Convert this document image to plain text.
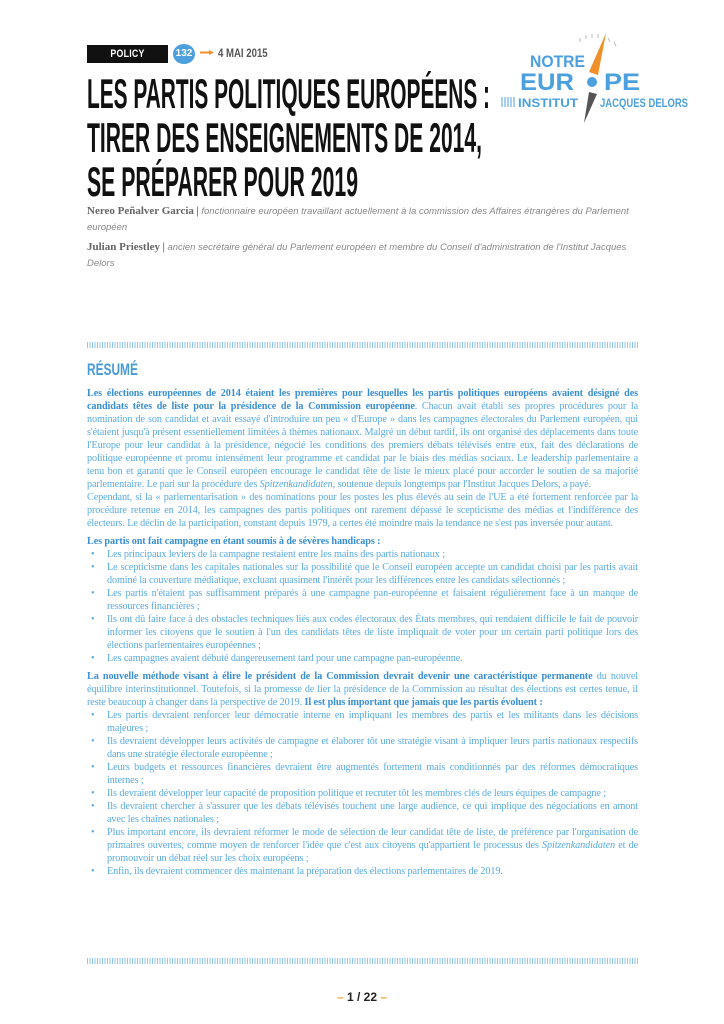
POLICY PAPER
132 4 MAI 2015
LES PARTIS POLITIQUES EUROPÉENS :
TIRER DES ENSEIGNEMENTS DE 2014,
SE PRÉPARER POUR 2019
NOTRE
EUR PE
INSTITUT JACQUES DELORS

Nereo Peñalver Garcia | fonctionnaire européen travaillant actuellement à la commission des Affaires étrangères du Parlement européen

Julian Priestley | ancien secrétaire général du Parlement européen et membre du Conseil d'administration de l'Institut Jacques Delors

RÉSUMÉ

Les élections européennes de 2014 étaient les premières pour lesquelles les partis politiques européens avaient désigné des candidats têtes de liste pour la présidence de la Commission européenne. Chacun avait établi ses propres procédures pour la nomination de son candidat et avait essayé d'introduire un peu « d'Europe » dans les campagnes électorales du Parlement européen, qui s'étaient jusqu'à présent essentiellement limitées à thèmes nationaux. Malgré un début tardif, ils ont organisé des déplacements dans toute l'Europe pour leur candidat à la présidence, négocié les conditions des premiers débats télévisés entre eux, fait des déclarations de politique européenne et promu intensément leur programme et candidat par le biais des médias sociaux. Le leadership parlementaire a tenu bon et garanti que le Conseil européen encourage le candidat tête de liste le mieux placé pour accorder le soutien de sa majorité parlementaire. Le pari sur la procédure des Spitzenkandidaten, soutenue depuis longtemps par l'Institut Jacques Delors, a payé.

Cependant, si la « parlementarisation » des nominations pour les postes les plus élevés au sein de l'UE a été fortement renforcée par la procédure retenue en 2014, les campagnes des partis politiques ont rarement dépassé le scepticisme des médias et l'indifférence des électeurs. Le déclin de la participation, constant depuis 1979, a certes été moindre mais la tendance ne s'est pas inversée pour autant.

Les partis ont fait campagne en étant soumis à de sévères handicaps :

• Les principaux leviers de la campagne restaient entre les mains des partis nationaux ;
• Le scepticisme dans les capitales nationales sur la possibilité que le Conseil européen accepte un candidat choisi par les partis avait dominé la couverture médiatique, excluant quasiment l'intérêt pour les différences entre les candidats sélectionnés ;
• Les partis n'étaient pas suffisamment préparés à une campagne pan-européenne et faisaient régulièrement face à un manque de ressources financières ;
• Ils ont dû faire face à des obstacles techniques liés aux codes électoraux des États membres, qui rendaient difficile le fait de pouvoir informer les citoyens que le soutien à l'un des candidats têtes de liste impliquait de voter pour un certain parti politique lors des élections parlementaires européennes ;
• Les campagnes avaient débuté dangereusement tard pour une campagne pan-européenne.

La nouvelle méthode visant à élire le président de la Commission devrait devenir une caractéristique permanente du nouvel équilibre interinstitutionnel. Toutefois, si la promesse de lier la présidence de la Commission au résultat des élections est certes tenue, il reste beaucoup à changer dans la perspective de 2019. Il est plus important que jamais que les partis évoluent :

• Les partis devraient renforcer leur démocratie interne en impliquant les membres des partis et les militants dans les décisions majeures ;
• Ils devraient développer leurs activités de campagne et élaborer tôt une stratégie visant à impliquer leurs partis nationaux respectifs dans une stratégie électorale européenne ;
• Leurs budgets et ressources financières devraient être augmentés fortement mais conditionnés par des réformes démocratiques internes ;
• Ils devraient développer leur capacité de proposition politique et recruter tôt les membres clés de leurs équipes de campagne ;
• Ils devraient chercher à s'assurer que les débats télévisés touchent une large audience, ce qui implique des négociations en amont avec les chaînes nationales ;
• Plus important encore, ils devraient réformer le mode de sélection de leur candidat tête de liste, de préférence par l'organisation de primaires ouvertes, comme moyen de renforcer l'idée que c'est aux citoyens qu'appartient le processus des Spitzenkandidaten et de promouvoir un débat réel sur les choix européens ;
• Enfin, ils devraient commencer dès maintenant la préparation des élections parlementaires de 2019.
– 1 / 22 –
